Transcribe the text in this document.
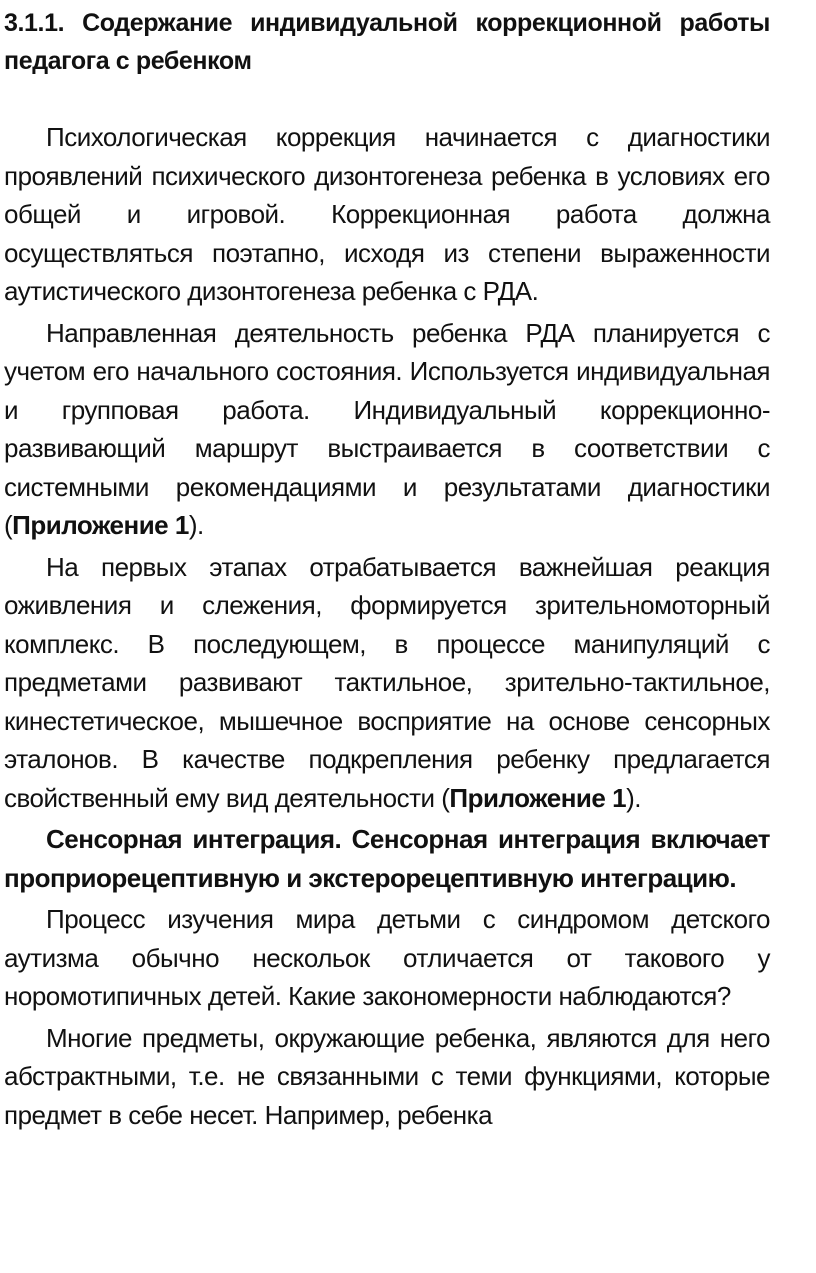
3.1.1. Содержание индивидуальной коррекционной работы педагога с ребенком

Психологическая коррекция начинается с диагностики проявлений психического дизонтогенеза ребенка в условиях его общей и игровой. Коррекционная работа должна осуществляться поэтапно, исходя из степени выраженности аутистического дизонтогенеза ребенка с РДА.

Направленная деятельность ребенка РДА планируется с учетом его начального состояния. Используется индивидуальная и групповая работа. Индивидуальный коррекционно-развивающий маршрут выстраивается в соответствии с системными рекомендациями и результатами диагностики (Приложение 1).

На первых этапах отрабатывается важнейшая реакция оживления и слежения, формируется зрительномоторный комплекс. В последующем, в процессе манипуляций с предметами развивают тактильное, зрительно-тактильное, кинестетическое, мышечное восприятие на основе сенсорных эталонов. В качестве подкрепления ребенку предлагается свойственный ему вид деятельности (Приложение 1).

Сенсорная интеграция. Сенсорная интеграция включает проприорецептивную и экстерорецептивную интеграцию.

Процесс изучения мира детьми с синдромом детского аутизма обычно нескольок отличается от такового у норомотипичных детей. Какие закономерности наблюдаются?

Многие предметы, окружающие ребенка, являются для него абстрактными, т.е. не связанными с теми функциями, которые предмет в себе несет. Например, ребенка
